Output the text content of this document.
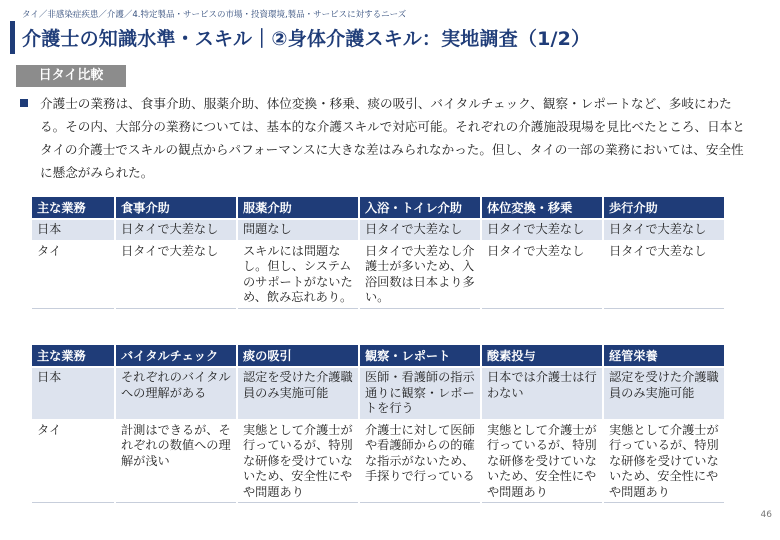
タイ／非感染症疾患／介護／4.特定製品・サービスの市場・投資環境,製品・サービスに対するニーズ
介護士の知識水準・スキル｜②身体介護スキル：実地調査（1/2）
日タイ比較
介護士の業務は、食事介助、服薬介助、体位変換・移乗、痰の吸引、バイタルチェック、観察・レポートなど、多岐にわたる。その内、大部分の業務については、基本的な介護スキルで対応可能。それぞれの介護施設現場を見比べたところ、日本とタイの介護士でスキルの観点からパフォーマンスに大きな差はみられなかった。但し、タイの一部の業務においては、安全性に懸念がみられた。
主な業務	食事介助	服薬介助	入浴・トイレ介助	体位変換・移乗	歩行介助
日本	日タイで大差なし	問題なし	日タイで大差なし	日タイで大差なし	日タイで大差なし
タイ	日タイで大差なし	スキルには問題なし。但し、システムのサポートがないため、飲み忘れあり。	日タイで大差なし介護士が多いため、入浴回数は日本より多い。	日タイで大差なし	日タイで大差なし
主な業務	バイタルチェック	痰の吸引	観察・レポート	酸素投与	経管栄養
日本	それぞれのバイタルへの理解がある	認定を受けた介護職員のみ実施可能	医師・看護師の指示通りに観察・レポートを行う	日本では介護士は行わない	認定を受けた介護職員のみ実施可能
タイ	計測はできるが、それぞれの数値への理解が浅い	実態として介護士が行っているが、特別な研修を受けていないため、安全性にやや問題あり	介護士に対して医師や看護師からの的確な指示がないため、手探りで行っている	実態として介護士が行っているが、特別な研修を受けていないため、安全性にやや問題あり	実態として介護士が行っているが、特別な研修を受けていないため、安全性にやや問題あり
46
